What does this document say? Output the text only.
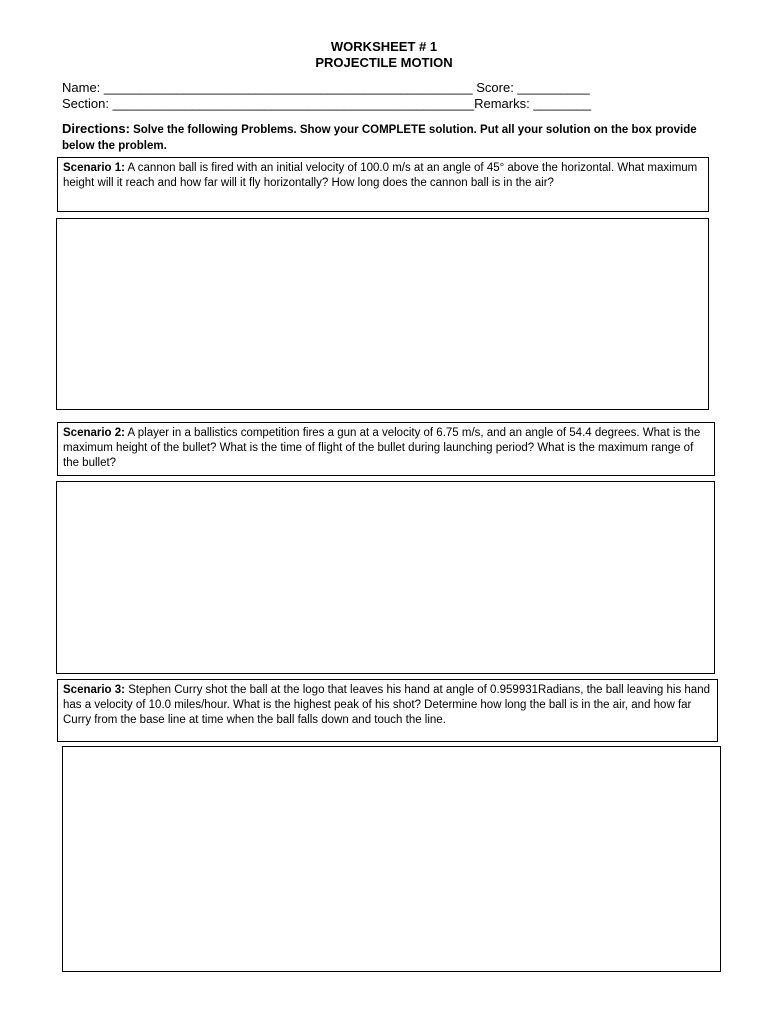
WORKSHEET # 1
PROJECTILE MOTION
Name: ___________________________________________________ Score: __________
Section: __________________________________________________Remarks: ________
Directions: Solve the following Problems. Show your COMPLETE solution. Put all your solution on the box provide below the problem.
Scenario 1: A cannon ball is fired with an initial velocity of 100.0 m/s at an angle of 45° above the horizontal. What maximum height will it reach and how far will it fly horizontally? How long does the cannon ball is in the air?
Scenario 2: A player in a ballistics competition fires a gun at a velocity of 6.75 m/s, and an angle of 54.4 degrees. What is the maximum height of the bullet? What is the time of flight of the bullet during launching period? What is the maximum range of the bullet?
Scenario 3: Stephen Curry shot the ball at the logo that leaves his hand at angle of 0.959931Radians, the ball leaving his hand has a velocity of 10.0 miles/hour. What is the highest peak of his shot? Determine how long the ball is in the air, and how far Curry from the base line at time when the ball falls down and touch the line.
